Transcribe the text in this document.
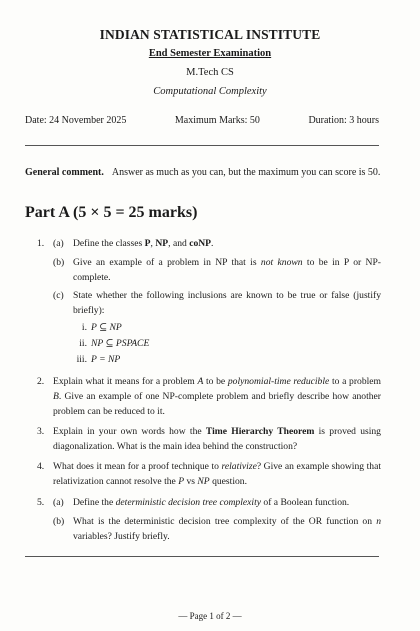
INDIAN STATISTICAL INSTITUTE
End Semester Examination
M.Tech CS
Computational Complexity
Date: 24 November 2025	Maximum Marks: 50	Duration: 3 hours
General comment. Answer as much as you can, but the maximum you can score is 50.
Part A (5 × 5 = 25 marks)
1. (a) Define the classes P, NP, and coNP.
(b) Give an example of a problem in NP that is not known to be in P or NP-complete.
(c) State whether the following inclusions are known to be true or false (justify briefly):
i. P ⊆ NP
ii. NP ⊆ PSPACE
iii. P = NP
2. Explain what it means for a problem A to be polynomial-time reducible to a problem B. Give an example of one NP-complete problem and briefly describe how another problem can be reduced to it.
3. Explain in your own words how the Time Hierarchy Theorem is proved using diagonalization. What is the main idea behind the construction?
4. What does it mean for a proof technique to relativize? Give an example showing that relativization cannot resolve the P vs NP question.
5. (a) Define the deterministic decision tree complexity of a Boolean function.
(b) What is the deterministic decision tree complexity of the OR function on n variables? Justify briefly.
— Page 1 of 2 —
